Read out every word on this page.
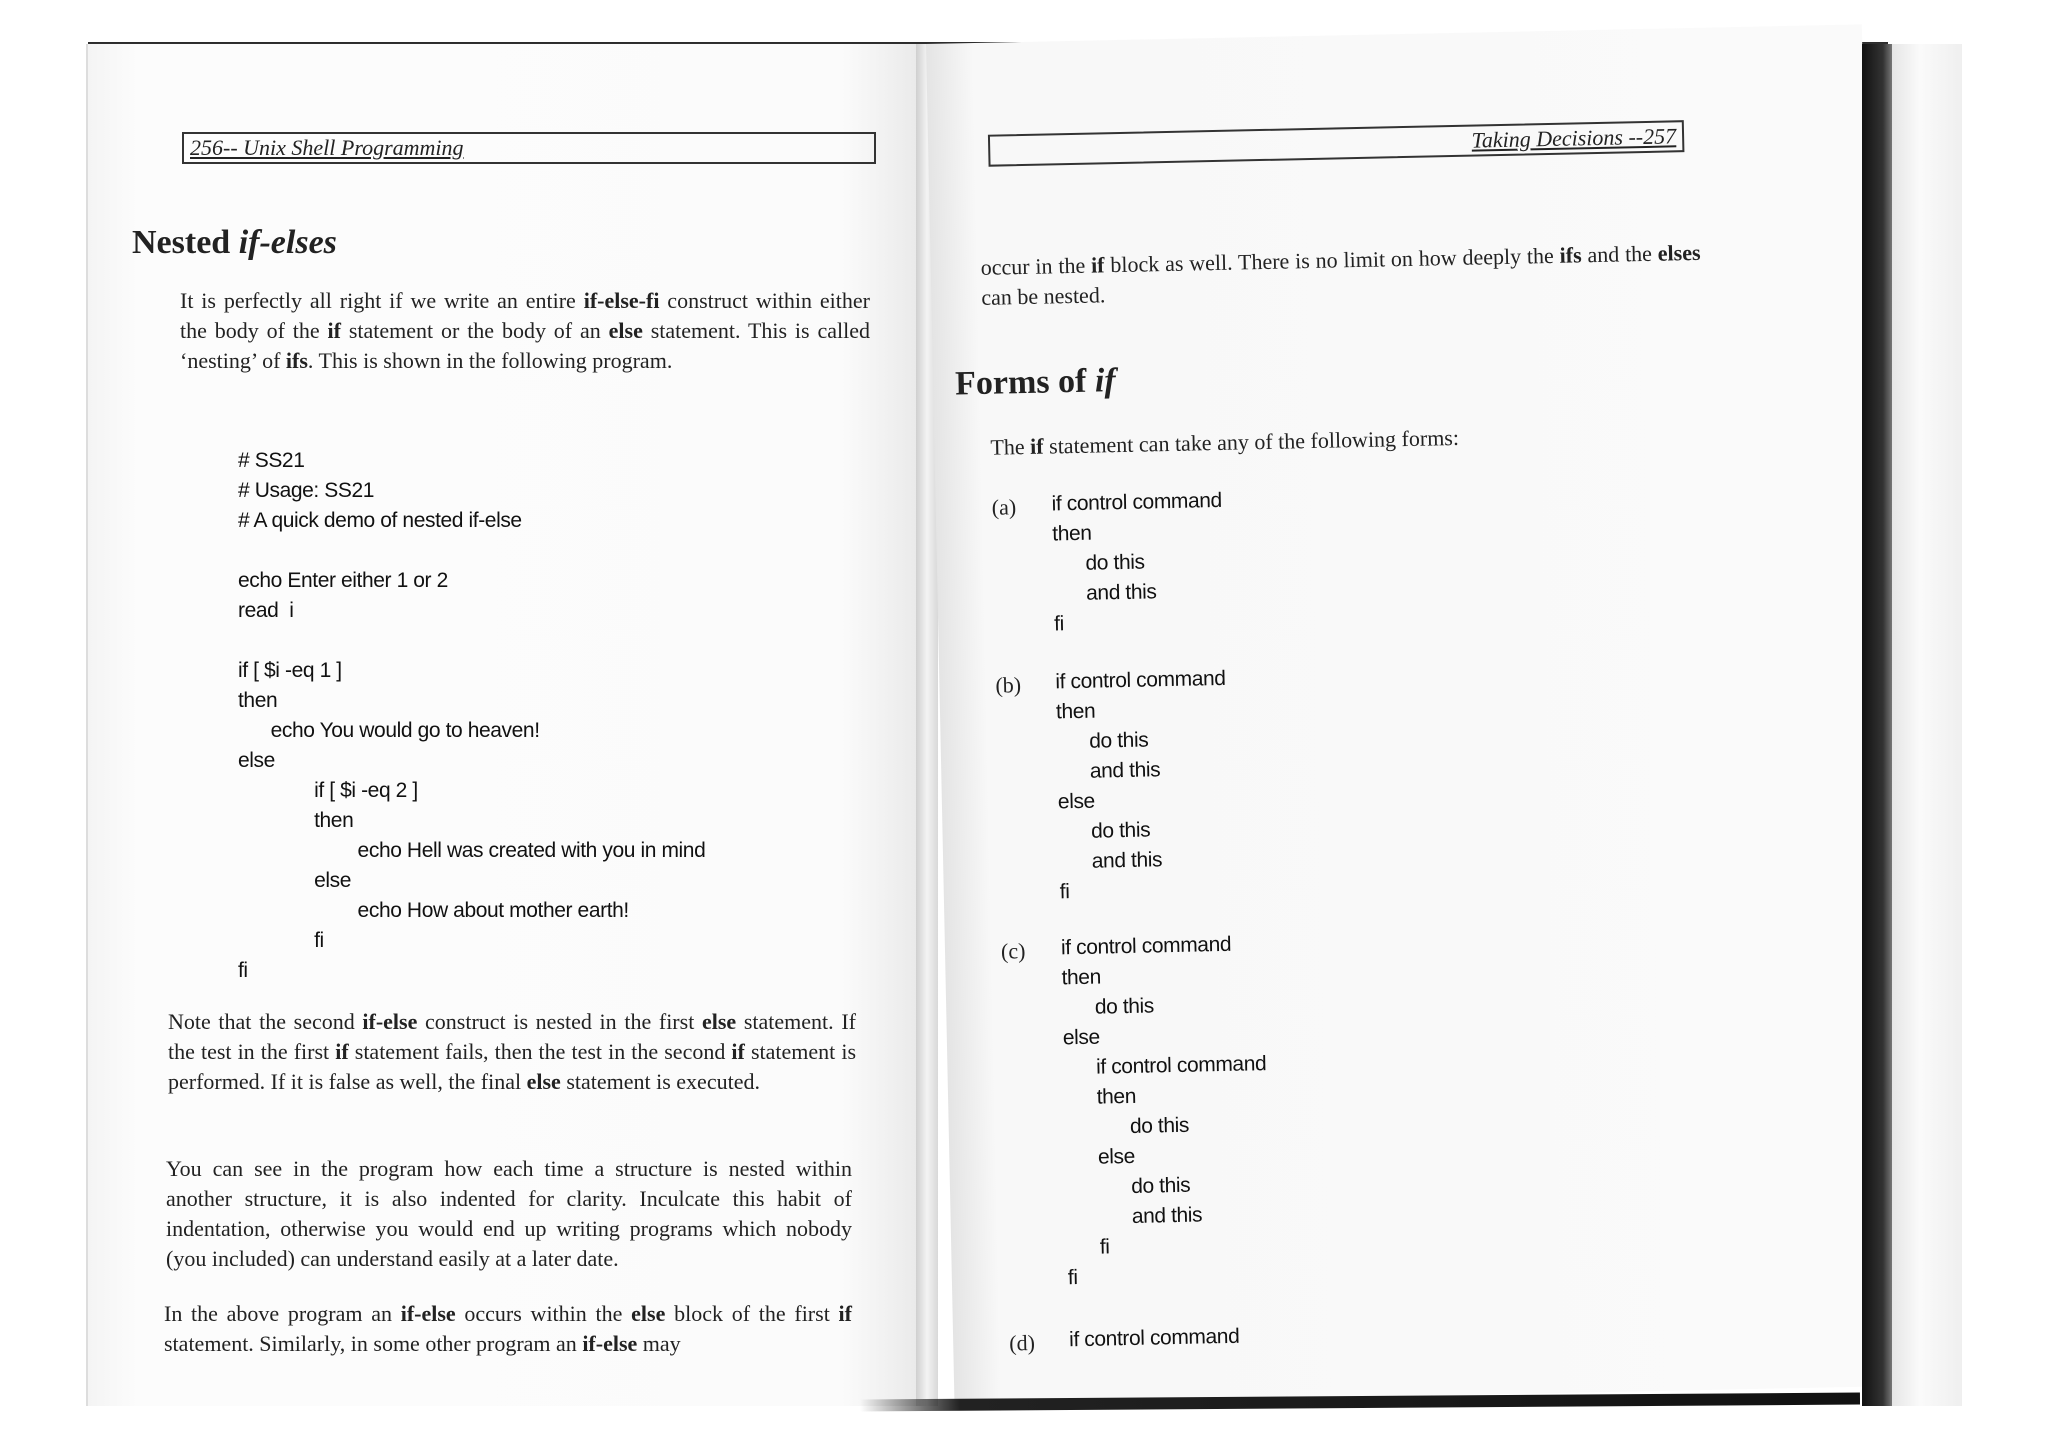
256-- Unix Shell Programming
Nested if-elses

It is perfectly all right if we write an entire if-else-fi construct within either the body of the if statement or the body of an else statement. This is called ‘nesting’ of ifs. This is shown in the following program.

# SS21
# Usage: SS21
# A quick demo of nested if-else
echo Enter either 1 or 2
read  i
if [ $i -eq 1 ]
then
echo You would go to heaven!
else
if [ $i -eq 2 ]
then
echo Hell was created with you in mind
else
echo How about mother earth!
fi
fi

Note that the second if-else construct is nested in the first else statement. If the test in the first if statement fails, then the test in the second if statement is performed. If it is false as well, the final else statement is executed.

You can see in the program how each time a structure is nested within another structure, it is also indented for clarity. Inculcate this habit of indentation, otherwise you would end up writing programs which nobody (you included) can understand easily at a later date.

In the above program an if-else occurs within the else block of the first if statement. Similarly, in some other program an if-else may

Taking Decisions --257

occur in the if block as well. There is no limit on how deeply the ifs and the elses can be nested.

Forms of if

The if statement can take any of the following forms:

(a) if control command
then
do this
and this
fi
(b) if control command
then
do this
and this
else
do this
and this
fi
(c) if control command
then
do this
else
if control command
then
do this
else
do this
and this
fi
fi
(d) if control command
